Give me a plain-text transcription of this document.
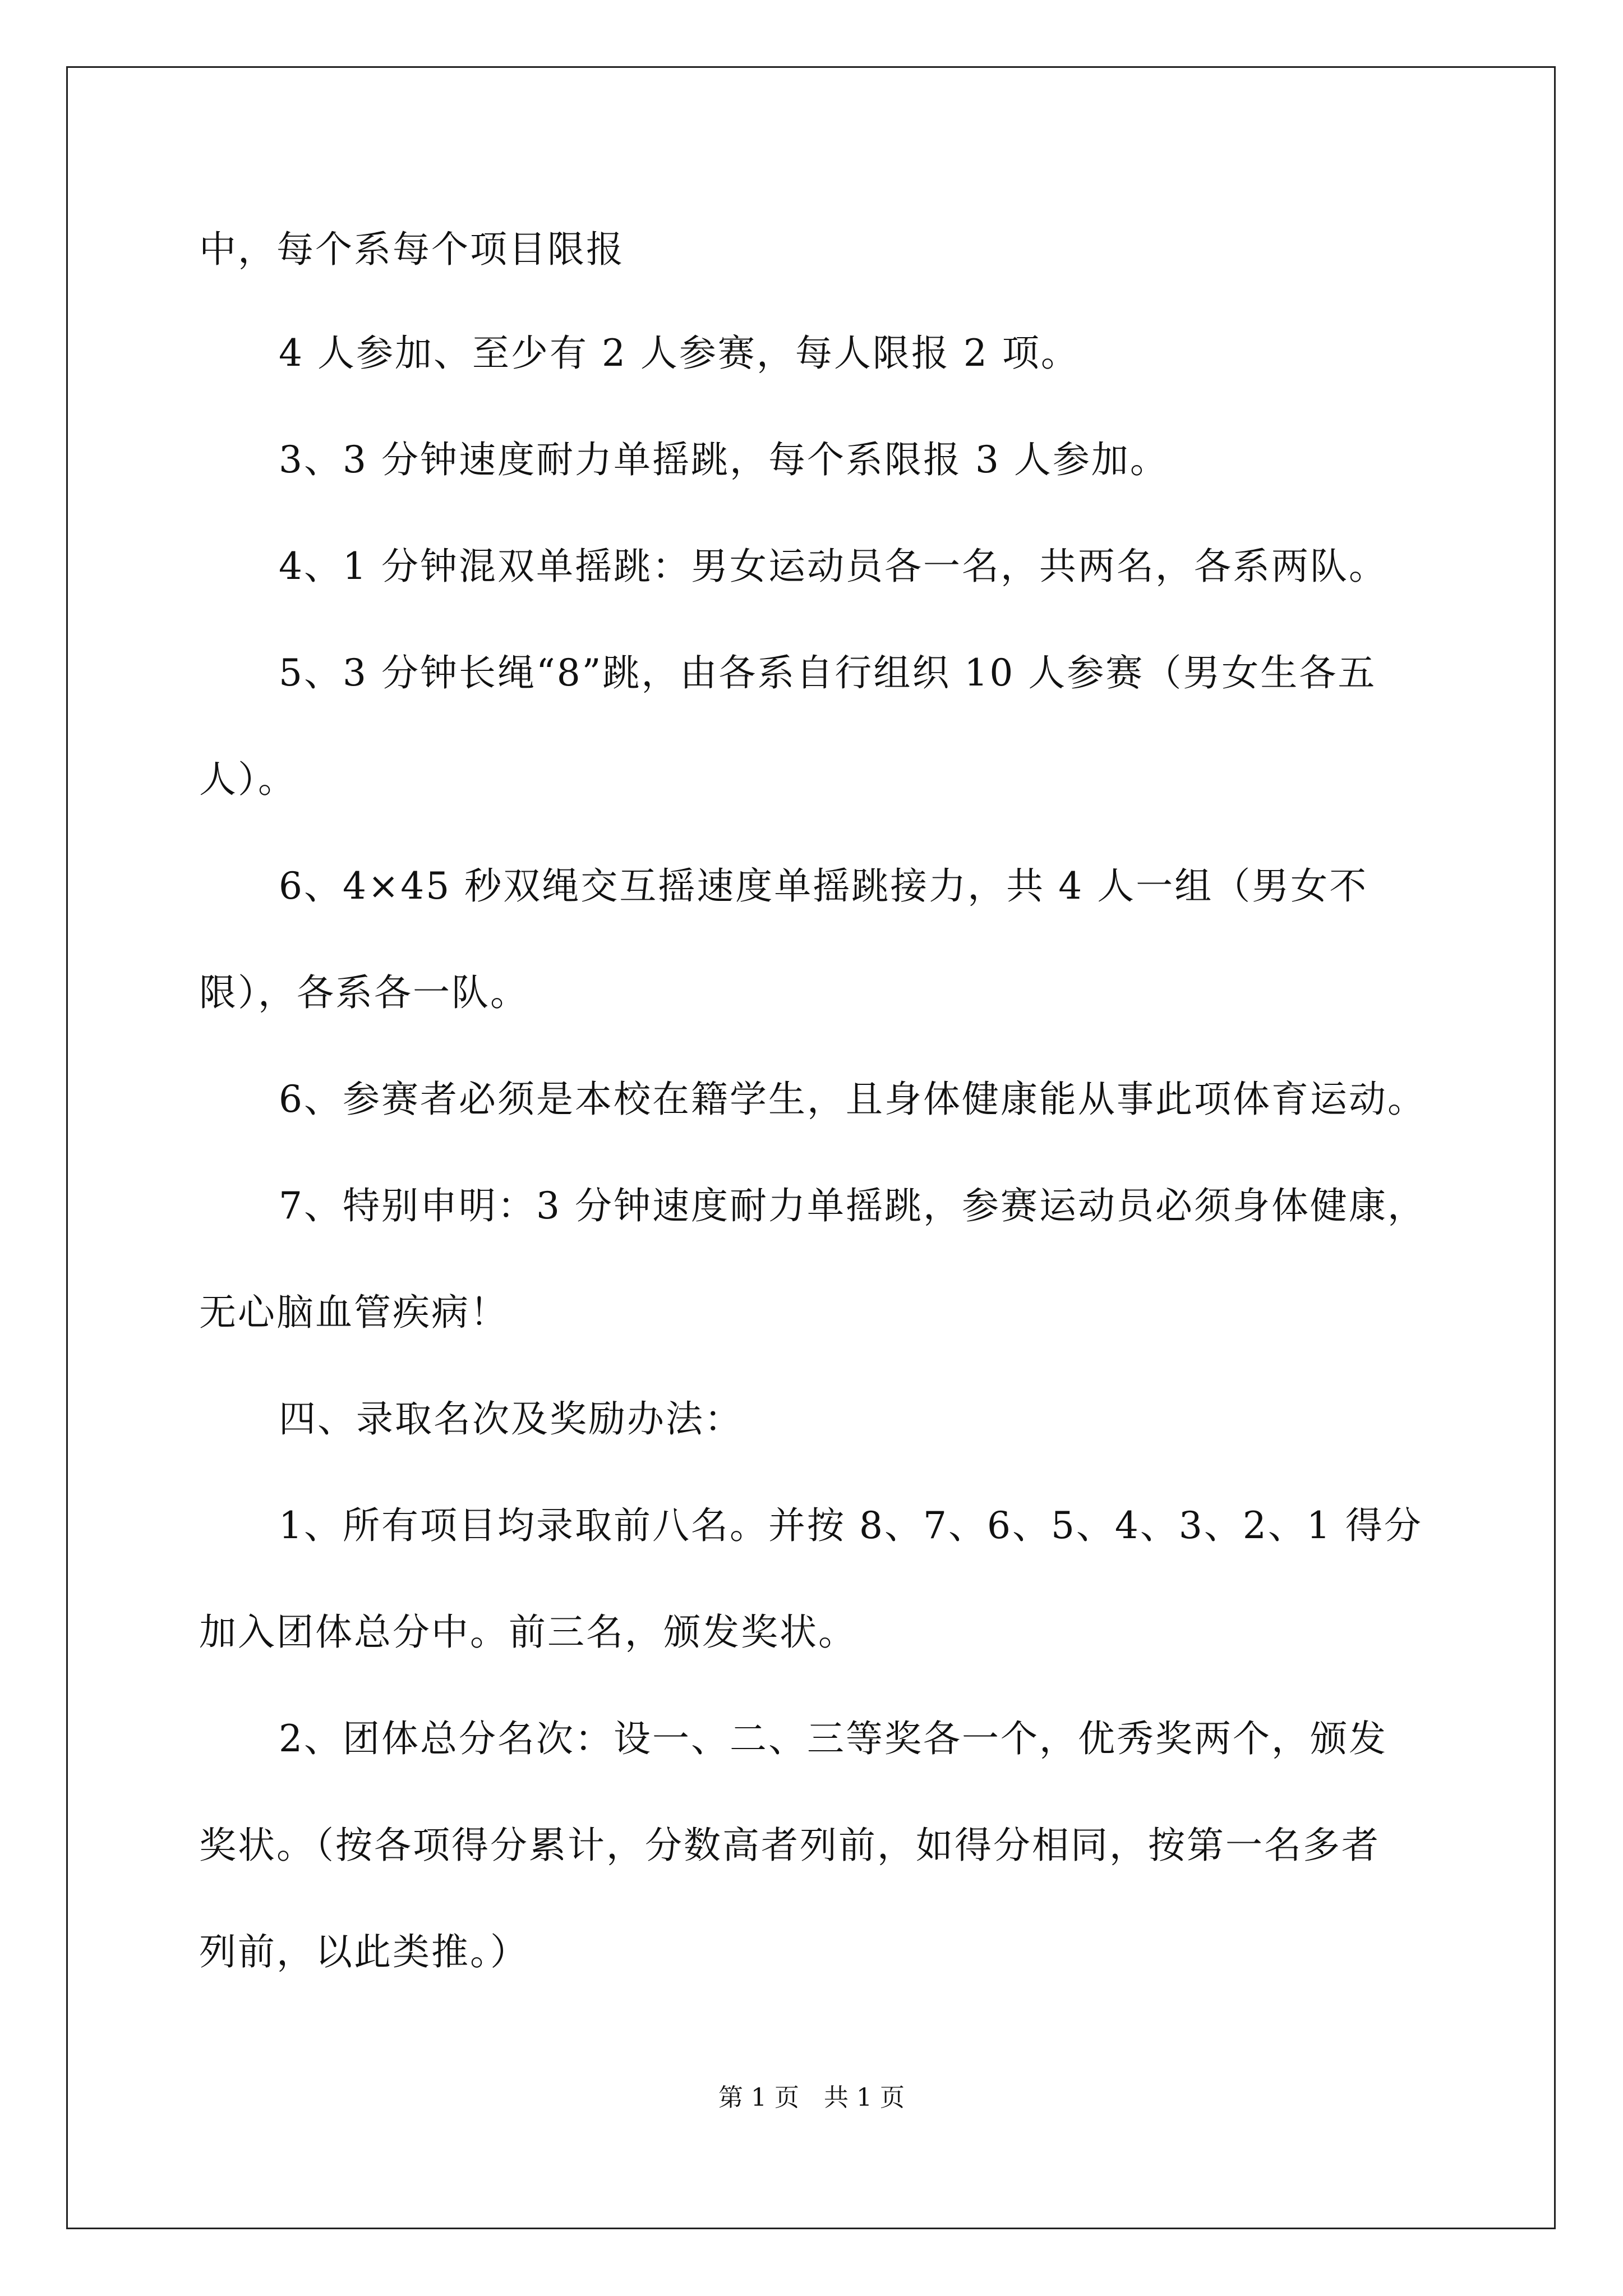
中，每个系每个项目限报
4 人参加、至少有 2 人参赛，每人限报 2 项。
3、3 分钟速度耐力单摇跳，每个系限报 3 人参加。
4、1 分钟混双单摇跳：男女运动员各一名，共两名，各系两队。
5、3 分钟长绳“8”跳，由各系自行组织 10 人参赛（男女生各五
人）。
6、4×45 秒双绳交互摇速度单摇跳接力，共 4 人一组（男女不
限），各系各一队。
6、参赛者必须是本校在籍学生，且身体健康能从事此项体育运动。
7、特别申明：3 分钟速度耐力单摇跳，参赛运动员必须身体健康，
无心脑血管疾病！
四、录取名次及奖励办法：
1、所有项目均录取前八名。并按 8、7、6、5、4、3、2、1 得分
加入团体总分中。前三名，颁发奖状。
2、团体总分名次：设一、二、三等奖各一个，优秀奖两个，颁发
奖状。（按各项得分累计，分数高者列前，如得分相同，按第一名多者
列前，以此类推。）
第 1 页　共 1 页
